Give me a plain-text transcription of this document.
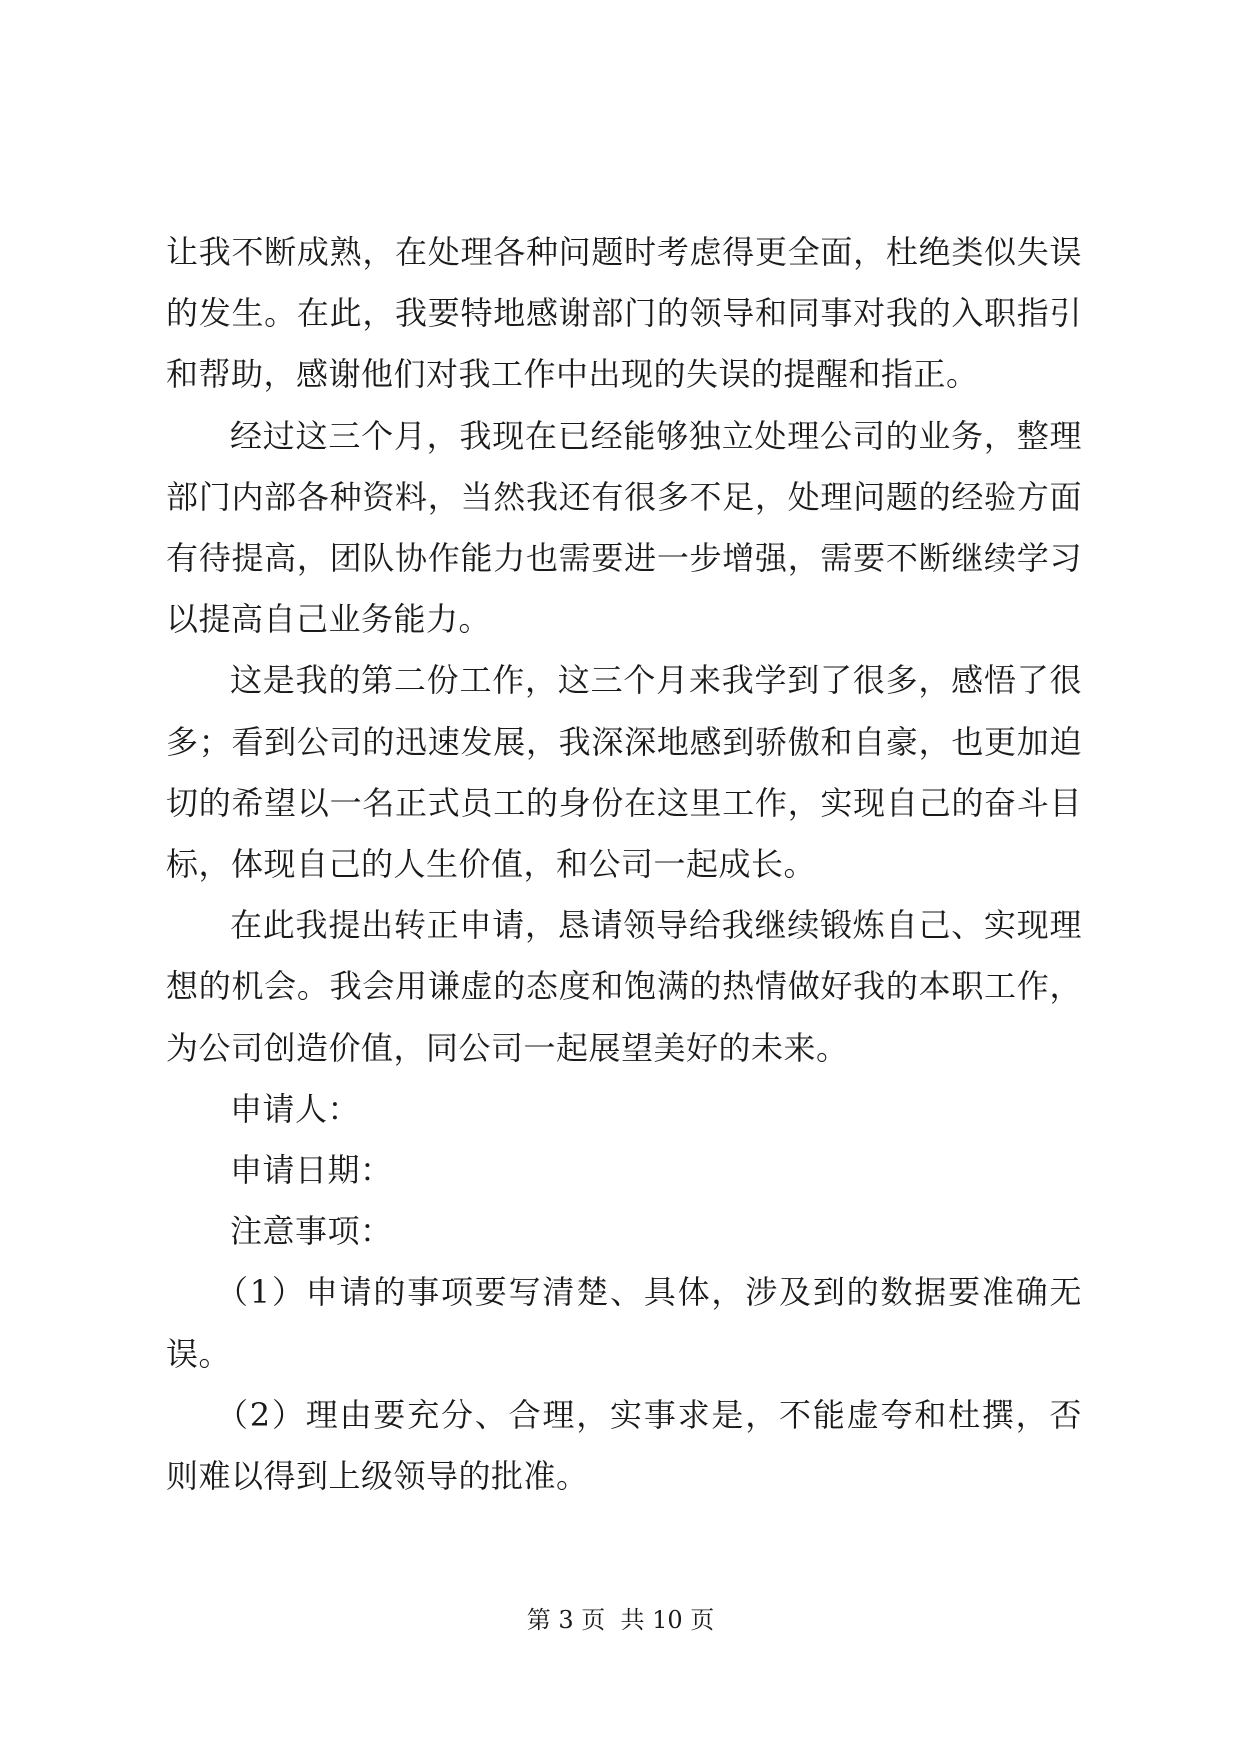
让我不断成熟，在处理各种问题时考虑得更全面，杜绝类似失误
的发生。在此，我要特地感谢部门的领导和同事对我的入职指引
和帮助，感谢他们对我工作中出现的失误的提醒和指正。
经过这三个月，我现在已经能够独立处理公司的业务，整理
部门内部各种资料，当然我还有很多不足，处理问题的经验方面
有待提高，团队协作能力也需要进一步增强，需要不断继续学习
以提高自己业务能力。
这是我的第二份工作，这三个月来我学到了很多，感悟了很
多；看到公司的迅速发展，我深深地感到骄傲和自豪，也更加迫
切的希望以一名正式员工的身份在这里工作，实现自己的奋斗目
标，体现自己的人生价值，和公司一起成长。
在此我提出转正申请，恳请领导给我继续锻炼自己、实现理
想的机会。我会用谦虚的态度和饱满的热情做好我的本职工作，
为公司创造价值，同公司一起展望美好的未来。
申请人：
申请日期：
注意事项：
（1）申请的事项要写清楚、具体，涉及到的数据要准确无
误。
（2）理由要充分、合理，实事求是，不能虚夸和杜撰，否
则难以得到上级领导的批准。
第 3 页  共 10 页
